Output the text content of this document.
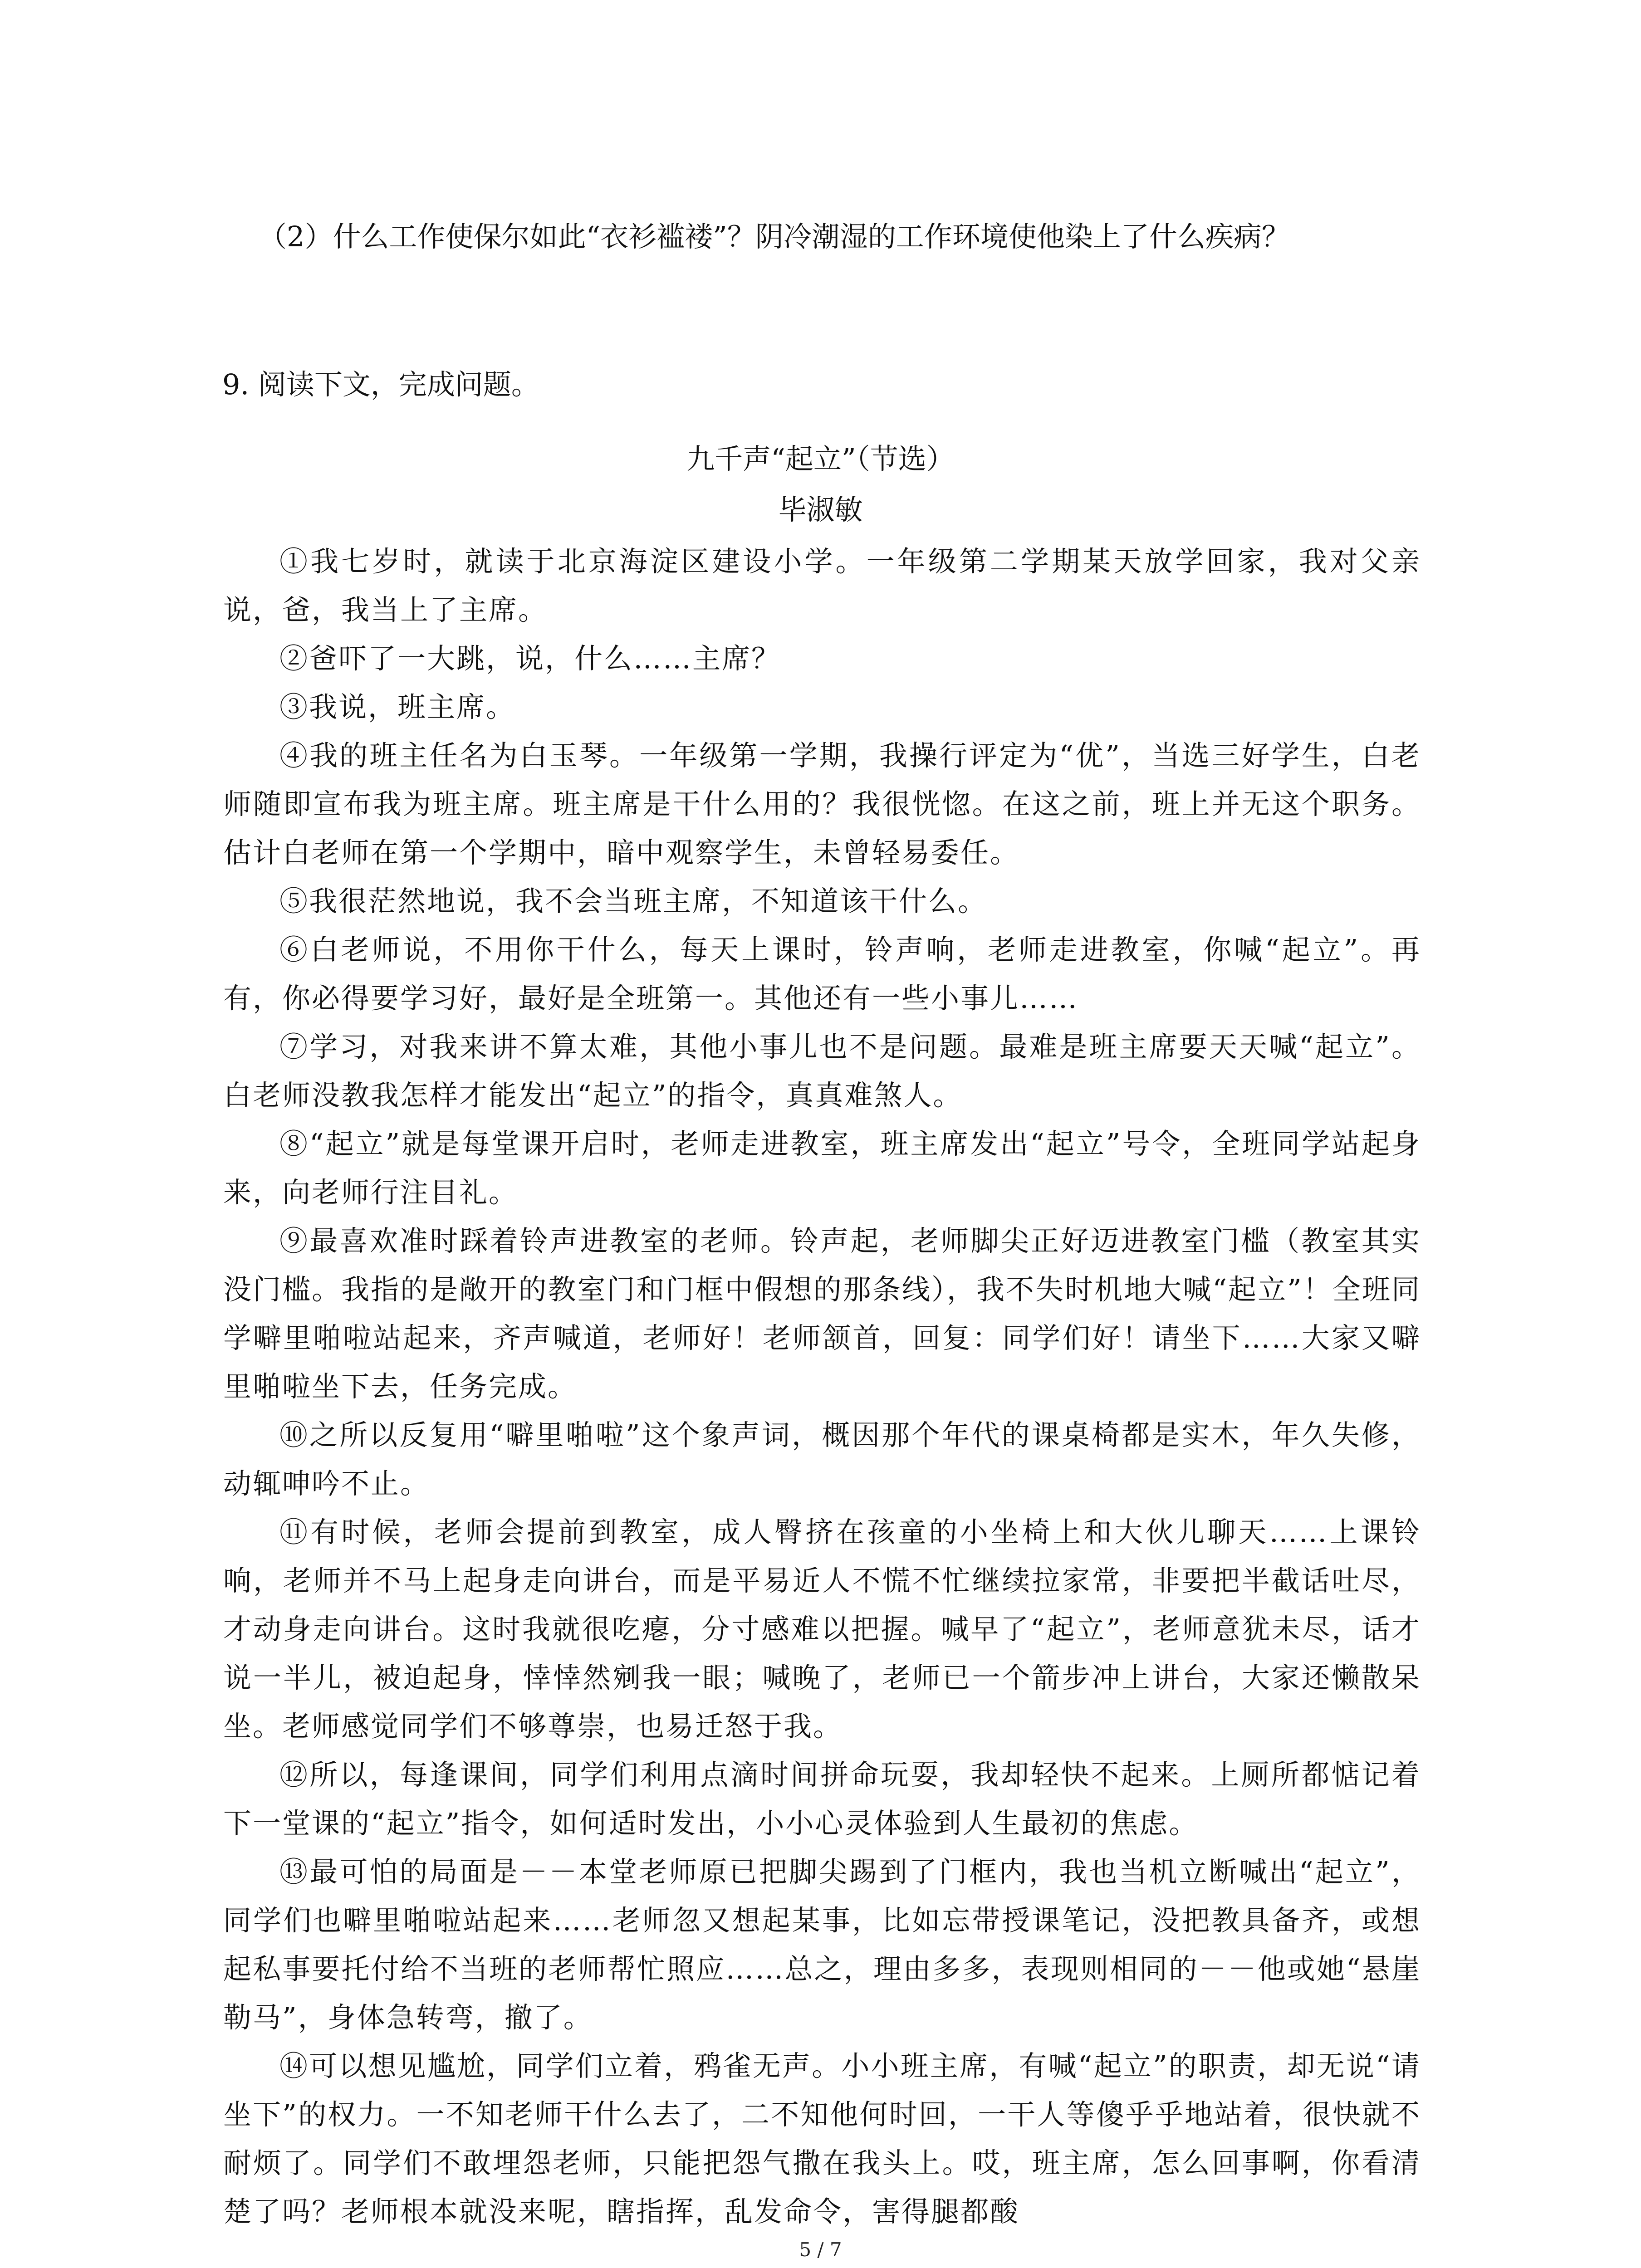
（2）什么工作使保尔如此“衣衫褴褛”？阴冷潮湿的工作环境使他染上了什么疾病？
9. 阅读下文，完成问题。
九千声“起立”（节选）
毕淑敏

①我七岁时，就读于北京海淀区建设小学。一年级第二学期某天放学回家，我对父亲说，爸，我当上了主席。

②爸吓了一大跳，说，什么……主席？

③我说，班主席。

④我的班主任名为白玉琴。一年级第一学期，我操行评定为“优”，当选三好学生，白老师随即宣布我为班主席。班主席是干什么用的？我很恍惚。在这之前，班上并无这个职务。估计白老师在第一个学期中，暗中观察学生，未曾轻易委任。

⑤我很茫然地说，我不会当班主席，不知道该干什么。

⑥白老师说，不用你干什么，每天上课时，铃声响，老师走进教室，你喊“起立”。再有，你必得要学习好，最好是全班第一。其他还有一些小事儿……

⑦学习，对我来讲不算太难，其他小事儿也不是问题。最难是班主席要天天喊“起立”。白老师没教我怎样才能发出“起立”的指令，真真难煞人。

⑧“起立”就是每堂课开启时，老师走进教室，班主席发出“起立”号令，全班同学站起身来，向老师行注目礼。

⑨最喜欢准时踩着铃声进教室的老师。铃声起，老师脚尖正好迈进教室门槛（教室其实没门槛。我指的是敞开的教室门和门框中假想的那条线），我不失时机地大喊“起立”！全班同学噼里啪啦站起来，齐声喊道，老师好！老师颔首，回复：同学们好！请坐下……大家又噼里啪啦坐下去，任务完成。

⑩之所以反复用“噼里啪啦”这个象声词，概因那个年代的课桌椅都是实木，年久失修，动辄呻吟不止。

⑪有时候，老师会提前到教室，成人臀挤在孩童的小坐椅上和大伙儿聊天……上课铃响，老师并不马上起身走向讲台，而是平易近人不慌不忙继续拉家常，非要把半截话吐尽，才动身走向讲台。这时我就很吃瘪，分寸感难以把握。喊早了“起立”，老师意犹未尽，话才说一半儿，被迫起身，悻悻然剜我一眼；喊晚了，老师已一个箭步冲上讲台，大家还懒散呆坐。老师感觉同学们不够尊崇，也易迁怒于我。

⑫所以，每逢课间，同学们利用点滴时间拼命玩耍，我却轻快不起来。上厕所都惦记着下一堂课的“起立”指令，如何适时发出，小小心灵体验到人生最初的焦虑。

⑬最可怕的局面是－－本堂老师原已把脚尖踢到了门框内，我也当机立断喊出“起立”，同学们也噼里啪啦站起来……老师忽又想起某事，比如忘带授课笔记，没把教具备齐，或想起私事要托付给不当班的老师帮忙照应……总之，理由多多，表现则相同的－－他或她“悬崖勒马”，身体急转弯，撤了。

⑭可以想见尴尬，同学们立着，鸦雀无声。小小班主席，有喊“起立”的职责，却无说“请坐下”的权力。一不知老师干什么去了，二不知他何时回，一干人等傻乎乎地站着，很快就不耐烦了。同学们不敢埋怨老师，只能把怨气撒在我头上。哎，班主席，怎么回事啊，你看清楚了吗？老师根本就没来呢，瞎指挥，乱发命令，害得腿都酸

5 / 7
